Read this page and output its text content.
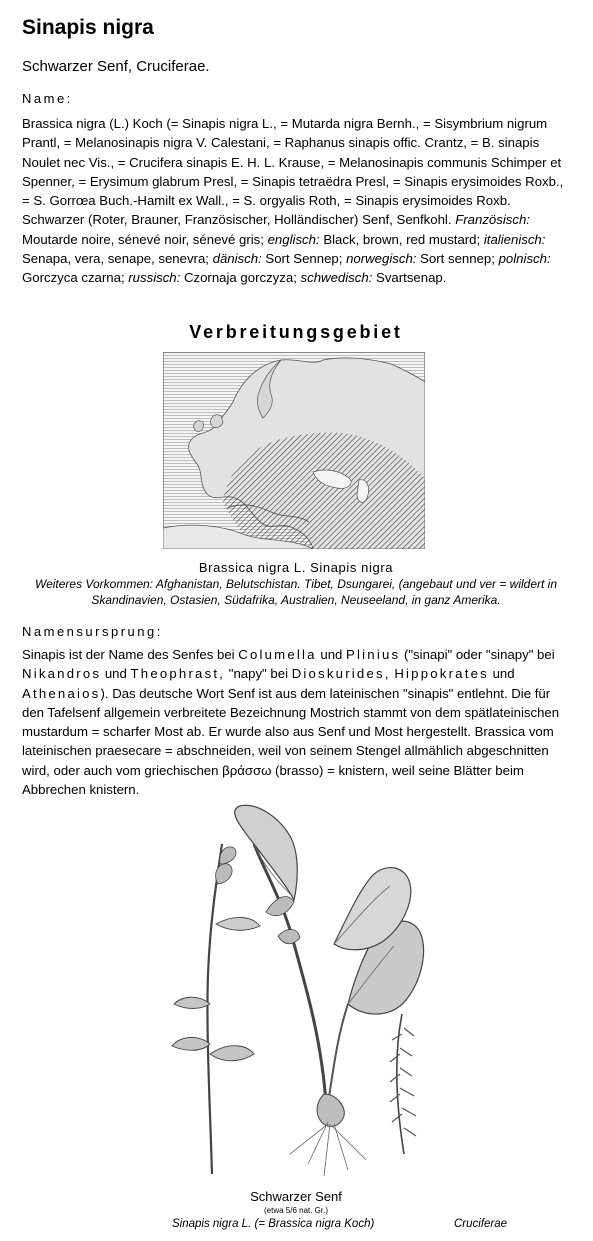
Sinapis nigra
Schwarzer Senf, Cruciferae.
Name:
Brassica nigra (L.) Koch (= Sinapis nigra L., = Mutarda nigra Bernh., = Sisymbrium nigrum Prantl, = Melanosinapis nigra V. Calestani, = Raphanus sinapis offic. Crantz, = B. sinapis Noulet nec Vis., = Crucifera sinapis E. H. L. Krause, = Melanosinapis communis Schimper et Spenner, = Erysimum glabrum Presl, = Sinapis tetraëdra Presl, = Sinapis erysimoides Roxb., = S. Gorrœa Buch.-Hamilt ex Wall., = S. orgyalis Roth, = Sinapis erysimoides Roxb. Schwarzer (Roter, Brauner, Französischer, Holländischer) Senf, Senfkohl. Französisch: Moutarde noire, sénevé noir, sénevé gris; englisch: Black, brown, red mustard; italienisch: Senapa, vera, senape, senevra; dänisch: Sort Sennep; norwegisch: Sort sennep; polnisch: Gorczyca czarna; russisch: Czornaja gorczyza; schwedisch: Svartsenap.
Verbreitungsgebiet
Brassica nigra L. Sinapis nigra
Weiteres Vorkommen: Afghanistan, Belutschistan. Tibet, Dsungarei, (angebaut und ver = wildert in Skandinavien, Ostasien, Südafrika, Australien, Neuseeland, in ganz Amerika.
Namensursprung:
Sinapis ist der Name des Senfes bei Columella und Plinius ("sinapi" oder "sinapy" bei Nikandros und Theophrast, "napy" bei Dioskurides, Hippokrates und Athenaios). Das deutsche Wort Senf ist aus dem lateinischen "sinapis" entlehnt. Die für den Tafelsenf allgemein verbreitete Bezeichnung Mostrich stammt von dem spätlateinischen mustardum = scharfer Most ab. Er wurde also aus Senf und Most hergestellt. Brassica vom lateinischen praesecare = abschneiden, weil von seinem Stengel allmählich abgeschnitten wird, oder auch vom griechischen βράσσω (brasso) = knistern, weil seine Blätter beim Abbrechen knistern.
Schwarzer Senf
(etwa 5/6 nat. Gr.)
Sinapis nigra L. (= Brassica nigra Koch)	Cruciferae
